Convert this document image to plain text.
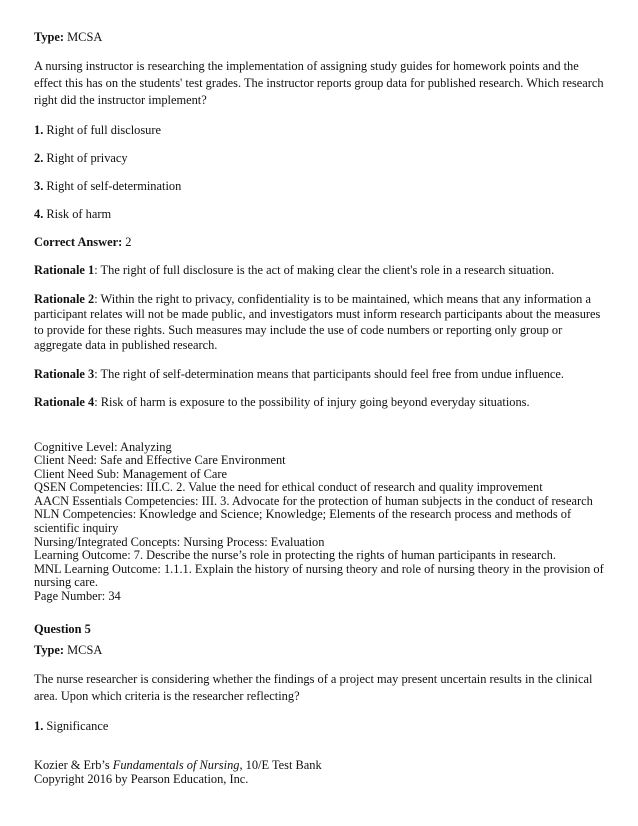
Type: MCSA

A nursing instructor is researching the implementation of assigning study guides for homework points and the effect this has on the students' test grades. The instructor reports group data for published research. Which research right did the instructor implement?

1. Right of full disclosure

2. Right of privacy

3. Right of self-determination

4. Risk of harm

Correct Answer: 2

Rationale 1: The right of full disclosure is the act of making clear the client's role in a research situation.

Rationale 2: Within the right to privacy, confidentiality is to be maintained, which means that any information a participant relates will not be made public, and investigators must inform research participants about the measures to provide for these rights. Such measures may include the use of code numbers or reporting only group or aggregate data in published research.

Rationale 3: The right of self-determination means that participants should feel free from undue influence.

Rationale 4: Risk of harm is exposure to the possibility of injury going beyond everyday situations.

Cognitive Level: Analyzing
Client Need: Safe and Effective Care Environment
Client Need Sub: Management of Care
QSEN Competencies: III.C. 2. Value the need for ethical conduct of research and quality improvement
AACN Essentials Competencies: III. 3. Advocate for the protection of human subjects in the conduct of research
NLN Competencies: Knowledge and Science; Knowledge; Elements of the research process and methods of scientific inquiry
Nursing/Integrated Concepts: Nursing Process: Evaluation
Learning Outcome: 7. Describe the nurse’s role in protecting the rights of human participants in research.
MNL Learning Outcome: 1.1.1. Explain the history of nursing theory and role of nursing theory in the provision of nursing care.
Page Number: 34

Question 5

Type: MCSA

The nurse researcher is considering whether the findings of a project may present uncertain results in the clinical area. Upon which criteria is the researcher reflecting?

1. Significance

Kozier & Erb’s Fundamentals of Nursing, 10/E Test Bank
Copyright 2016 by Pearson Education, Inc.
